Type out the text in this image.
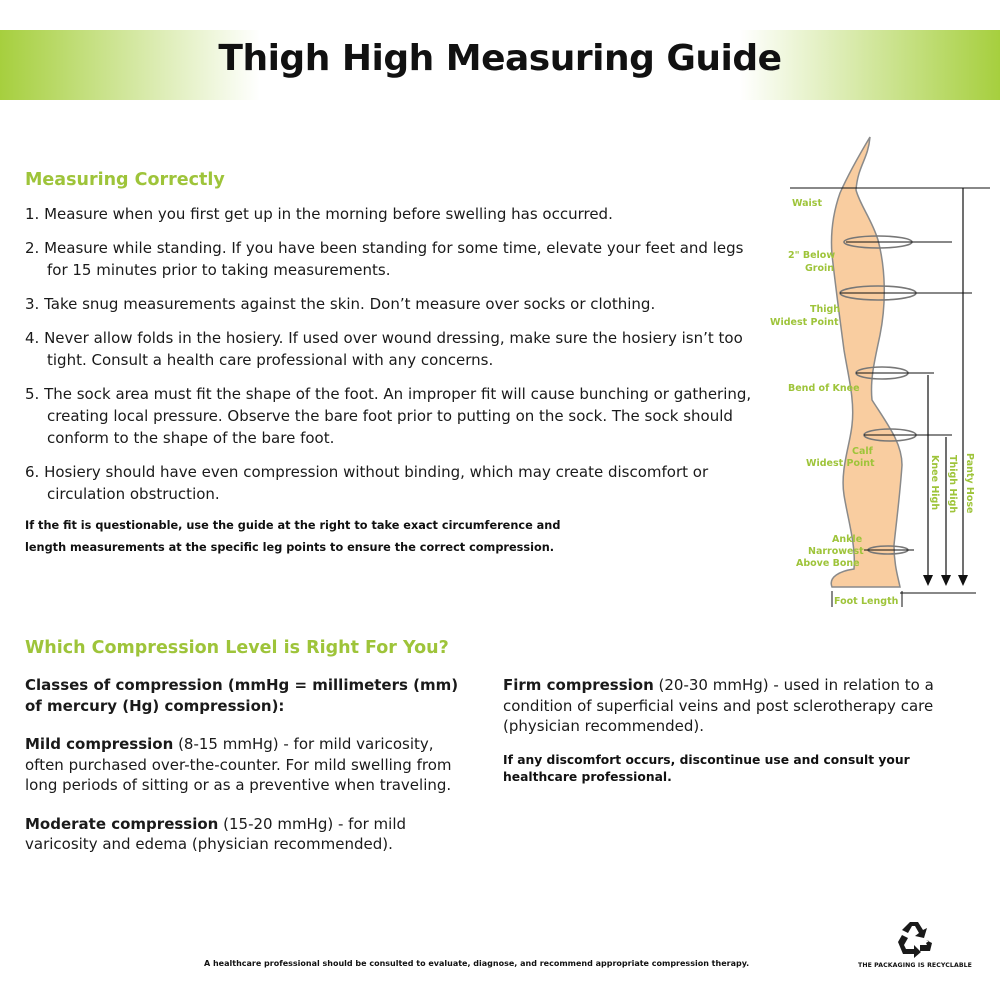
Thigh High Measuring Guide
Measuring Correctly
1. Measure when you first get up in the morning before swelling has occurred.
2. Measure while standing. If you have been standing for some time, elevate your feet and legs for 15 minutes prior to taking measurements.
3. Take snug measurements against the skin. Don’t measure over socks or clothing.
4. Never allow folds in the hosiery. If used over wound dressing, make sure the hosiery isn’t too tight. Consult a health care professional with any concerns.
5. The sock area must fit the shape of the foot. An improper fit will cause bunching or gathering, creating local pressure. Observe the bare foot prior to putting on the sock. The sock should conform to the shape of the bare foot.
6. Hosiery should have even compression without binding, which may create discomfort or circulation obstruction.
If the fit is questionable, use the guide at the right to take exact circumference and length measurements at the specific leg points to ensure the correct compression.
Waist
2" Below
Groin
Thigh
Widest Point
Bend of Knee
Calf
Widest Point
Ankle
Narrowest
Above Bone
Foot Length
Knee High Thigh High Panty Hose
Which Compression Level is Right For You?

Classes of compression (mmHg = millimeters (mm) of mercury (Hg) compression):

Mild compression (8-15 mmHg) - for mild varicosity, often purchased over-the-counter. For mild swelling from long periods of sitting or as a preventive when traveling.

Moderate compression (15-20 mmHg) - for mild varicosity and edema (physician recommended).

Firm compression (20-30 mmHg) - used in relation to a condition of superficial veins and post sclerotherapy care (physician recommended).

If any discomfort occurs, discontinue use and consult your healthcare professional.
A healthcare professional should be consulted to evaluate, diagnose, and recommend appropriate compression therapy.	THE PACKAGING IS RECYCLABLE
